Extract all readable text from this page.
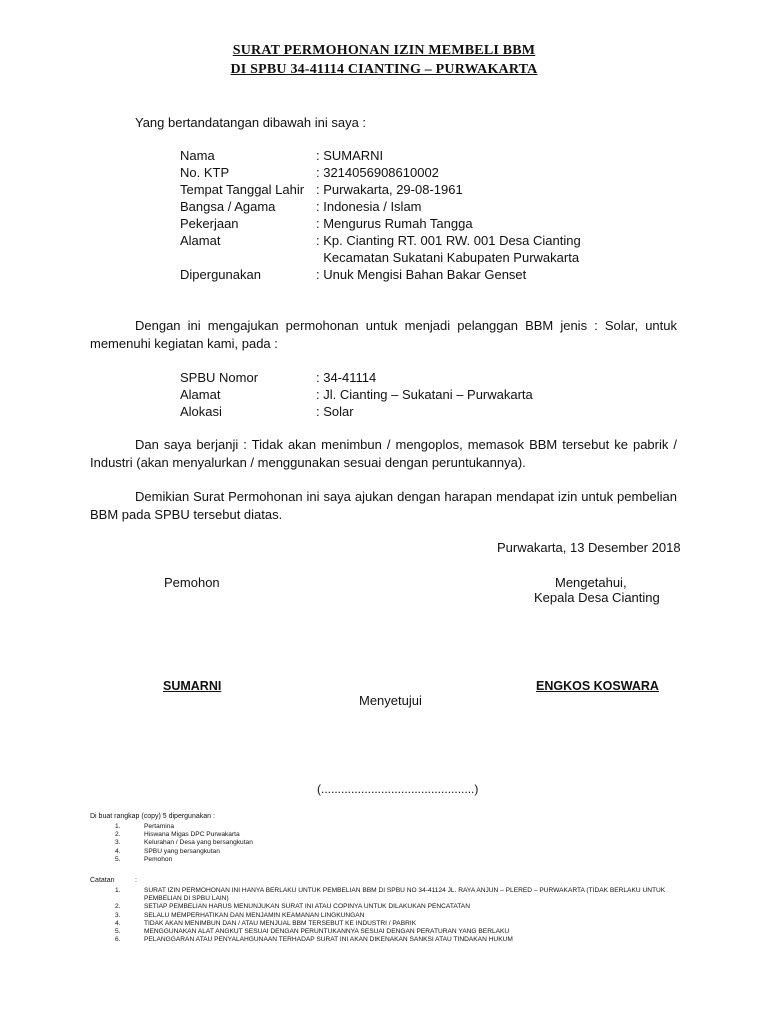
SURAT PERMOHONAN IZIN MEMBELI BBM
DI SPBU 34-41114 CIANTING – PURWAKARTA
Yang bertandatangan dibawah ini saya :
Nama	: SUMARNI
No. KTP	: 3214056908610002
Tempat Tanggal Lahir : Purwakarta, 29-08-1961
Bangsa / Agama	: Indonesia / Islam
Pekerjaan	: Mengurus Rumah Tangga
Alamat	: Kp. Cianting RT. 001 RW. 001 Desa Cianting
Kecamatan Sukatani Kabupaten Purwakarta
Dipergunakan	: Unuk Mengisi Bahan Bakar Genset
Dengan ini mengajukan permohonan untuk menjadi pelanggan BBM jenis : Solar, untuk memenuhi kegiatan kami, pada :
SPBU Nomor	: 34-41114
Alamat	: Jl. Cianting – Sukatani – Purwakarta
Alokasi	: Solar
Dan saya berjanji : Tidak akan menimbun / mengoplos, memasok BBM tersebut ke pabrik / Industri (akan menyalurkan / menggunakan sesuai dengan peruntukannya).
Demikian Surat Permohonan ini saya ajukan dengan harapan mendapat izin untuk pembelian BBM pada SPBU tersebut diatas.
Purwakarta, 13 Desember 2018
Pemohon	Mengetahui,
Kepala Desa Cianting
SUMARNI	ENGKOS KOSWARA
Menyetujui
(..............................................)
Di buat rangkap (copy) 5 dipergunakan :
1.	Pertamina
2.	Hiswana Migas DPC Purwakarta
3.	Kelurahan / Desa yang bersangkutan
4.	SPBU yang bersangkutan
5.	Pemohon
Catatan	:
1.	SURAT IZIN PERMOHONAN INI HANYA BERLAKU UNTUK PEMBELIAN BBM DI SPBU NO 34-41124 JL. RAYA ANJUN – PLERED – PURWAKARTA (TIDAK BERLAKU UNTUK PEMBELIAN DI SPBU LAIN)
2.	SETIAP PEMBELIAN HARUS MENUNJUKAN SURAT INI ATAU COPINYA UNTUK DILAKUKAN PENCATATAN
3.	SELALU MEMPERHATIKAN DAN MENJAMIN KEAMANAN LINGKUNGAN
4.	TIDAK AKAN MENIMBUN DAN / ATAU MENJUAL BBM TERSEBUT KE INDUSTRI / PABRIK
5.	MENGGUNAKAN ALAT ANGKUT SESUAI DENGAN PERUNTUKANNYA SESUAI DENGAN PERATURAN YANG BERLAKU
6.	PELANGGARAN ATAU PENYALAHGUNAAN TERHADAP SURAT INI AKAN DIKENAKAN SANKSI ATAU TINDAKAN HUKUM
